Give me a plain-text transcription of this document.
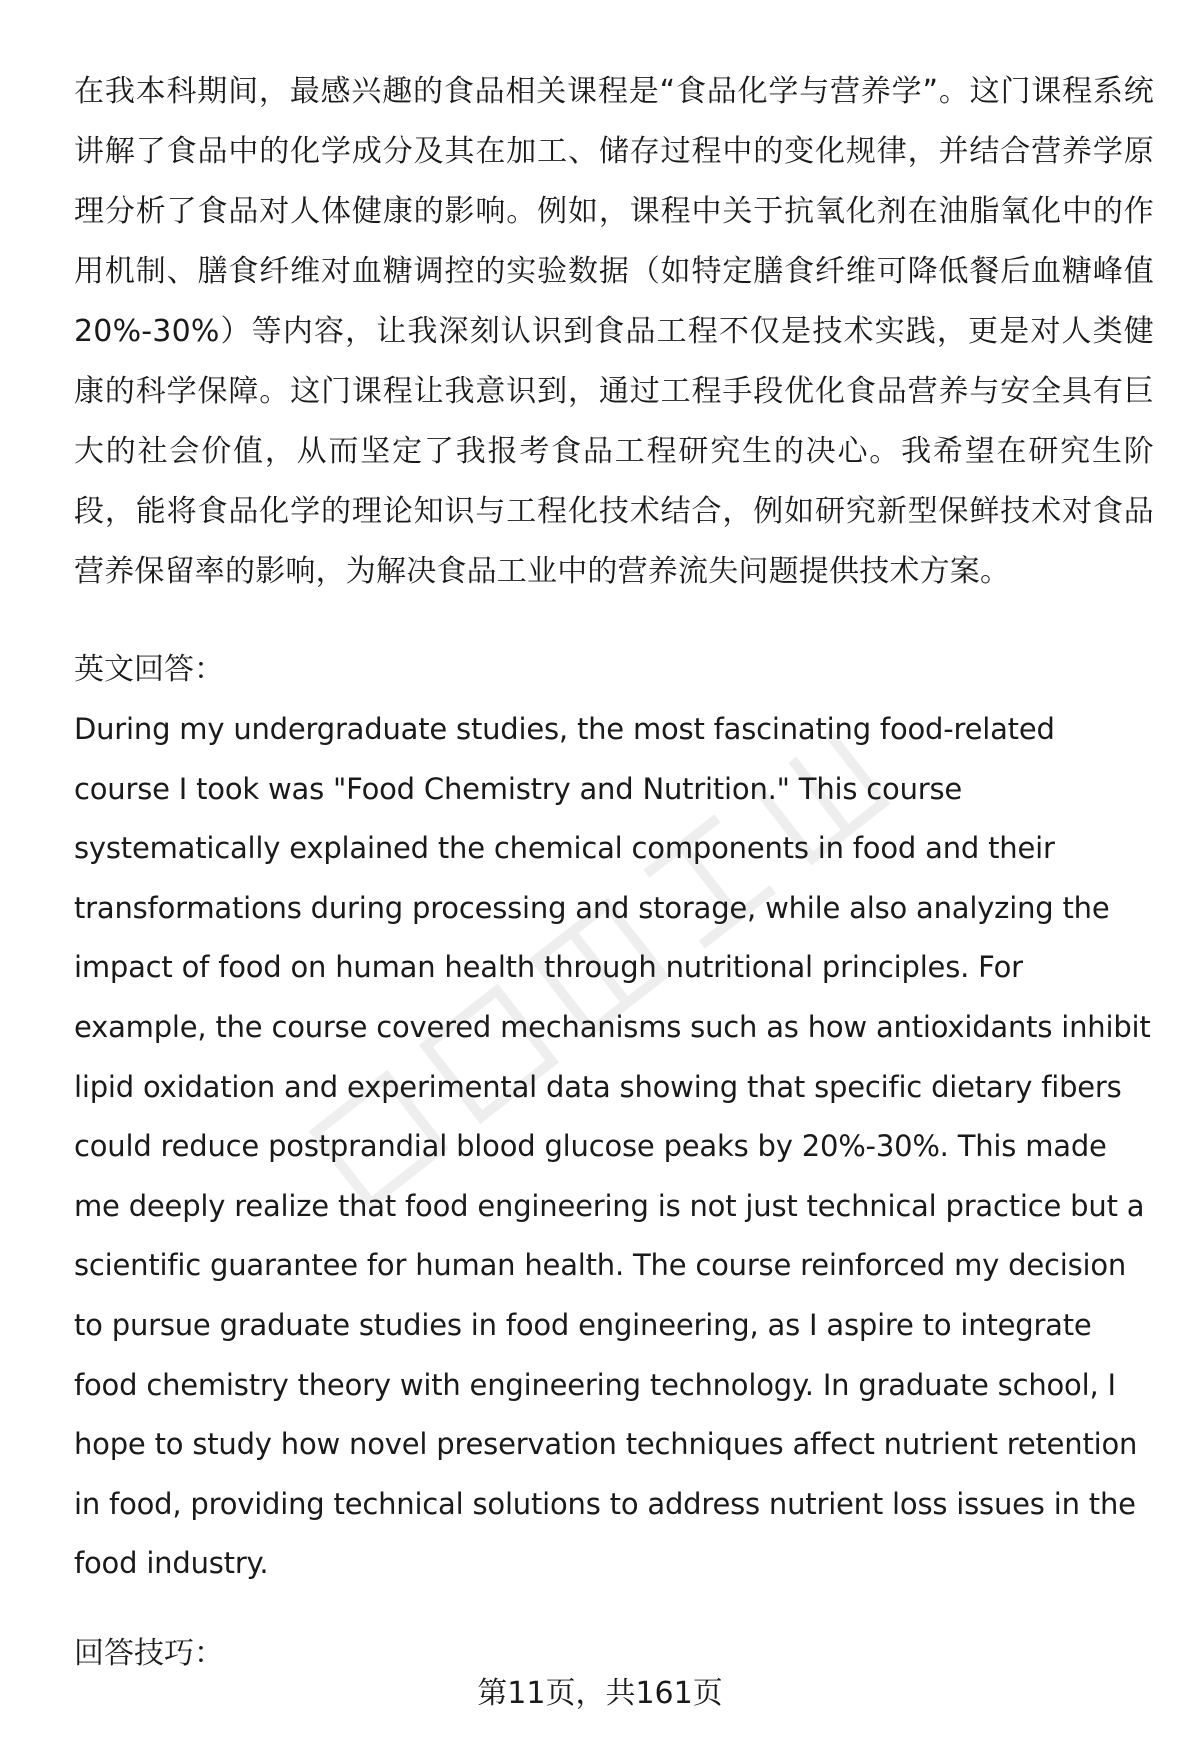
在我本科期间，最感兴趣的食品相关课程是“食品化学与营养学”。这门课程系统讲解了食品中的化学成分及其在加工、储存过程中的变化规律，并结合营养学原理分析了食品对人体健康的影响。例如，课程中关于抗氧化剂在油脂氧化中的作用机制、膳食纤维对血糖调控的实验数据（如特定膳食纤维可降低餐后血糖峰值20%-30%）等内容，让我深刻认识到食品工程不仅是技术实践，更是对人类健康的科学保障。这门课程让我意识到，通过工程手段优化食品营养与安全具有巨大的社会价值，从而坚定了我报考食品工程研究生的决心。我希望在研究生阶段，能将食品化学的理论知识与工程化技术结合，例如研究新型保鲜技术对食品营养保留率的影响，为解决食品工业中的营养流失问题提供技术方案。

英文回答：

During my undergraduate studies, the most fascinating food-related course I took was "Food Chemistry and Nutrition." This course systematically explained the chemical components in food and their transformations during processing and storage, while also analyzing the impact of food on human health through nutritional principles. For example, the course covered mechanisms such as how antioxidants inhibit lipid oxidation and experimental data showing that specific dietary fibers could reduce postprandial blood glucose peaks by 20%-30%. This made me deeply realize that food engineering is not just technical practice but a scientific guarantee for human health. The course reinforced my decision to pursue graduate studies in food engineering, as I aspire to integrate food chemistry theory with engineering technology. In graduate school, I hope to study how novel preservation techniques affect nutrient retention in food, providing technical solutions to address nutrient loss issues in the food industry.

回答技巧：

第11页，共161页
